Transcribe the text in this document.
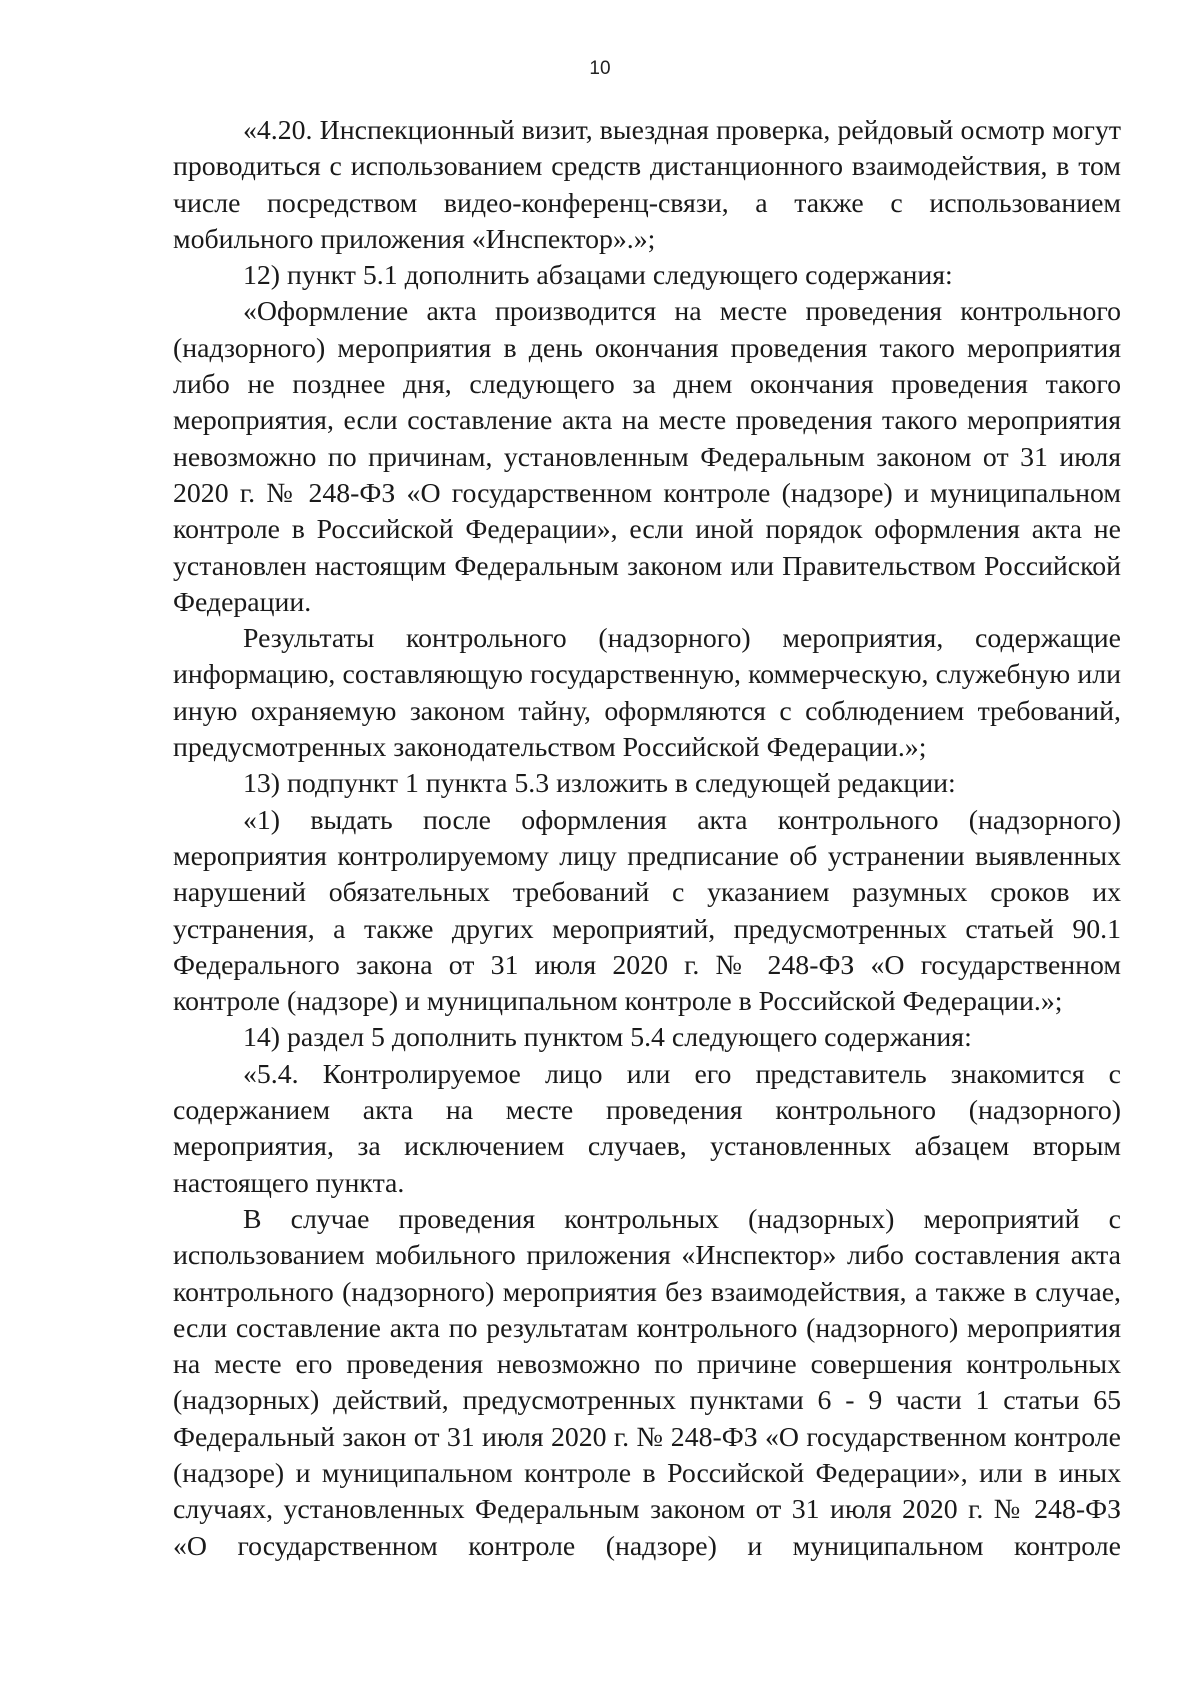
10

«4.20. Инспекционный визит, выездная проверка, рейдовый осмотр могут проводиться с использованием средств дистанционного взаимодействия, в том числе посредством видео-конференц-связи, а также с использованием мобильного приложения «Инспектор».»;

12) пункт 5.1 дополнить абзацами следующего содержания:

«Оформление акта производится на месте проведения контрольного (надзорного) мероприятия в день окончания проведения такого мероприятия либо не позднее дня, следующего за днем окончания проведения такого мероприятия, если составление акта на месте проведения такого мероприятия невозможно по причинам, установленным Федеральным законом от 31 июля 2020 г. № 248-ФЗ «О государственном контроле (надзоре) и муниципальном контроле в Российской Федерации», если иной порядок оформления акта не установлен настоящим Федеральным законом или Правительством Российской Федерации.

Результаты контрольного (надзорного) мероприятия, содержащие информацию, составляющую государственную, коммерческую, служебную или иную охраняемую законом тайну, оформляются с соблюдением требований, предусмотренных законодательством Российской Федерации.»;

13) подпункт 1 пункта 5.3 изложить в следующей редакции:

«1) выдать после оформления акта контрольного (надзорного) мероприятия контролируемому лицу предписание об устранении выявленных нарушений обязательных требований с указанием разумных сроков их устранения, а также других мероприятий, предусмотренных статьей 90.1 Федерального закона от 31 июля 2020 г. № 248-ФЗ «О государственном контроле (надзоре) и муниципальном контроле в Российской Федерации.»;

14) раздел 5 дополнить пунктом 5.4 следующего содержания:

«5.4. Контролируемое лицо или его представитель знакомится с содержанием акта на месте проведения контрольного (надзорного) мероприятия, за исключением случаев, установленных абзацем вторым настоящего пункта.

В случае проведения контрольных (надзорных) мероприятий с использованием мобильного приложения «Инспектор» либо составления акта контрольного (надзорного) мероприятия без взаимодействия, а также в случае, если составление акта по результатам контрольного (надзорного) мероприятия на месте его проведения невозможно по причине совершения контрольных (надзорных) действий, предусмотренных пунктами 6 - 9 части 1 статьи 65 Федеральный закон от 31 июля 2020 г. № 248-ФЗ «О государственном контроле (надзоре) и муниципальном контроле в Российской Федерации», или в иных случаях, установленных Федеральным законом от 31 июля 2020 г. № 248-ФЗ «О государственном контроле (надзоре) и муниципальном контроле
